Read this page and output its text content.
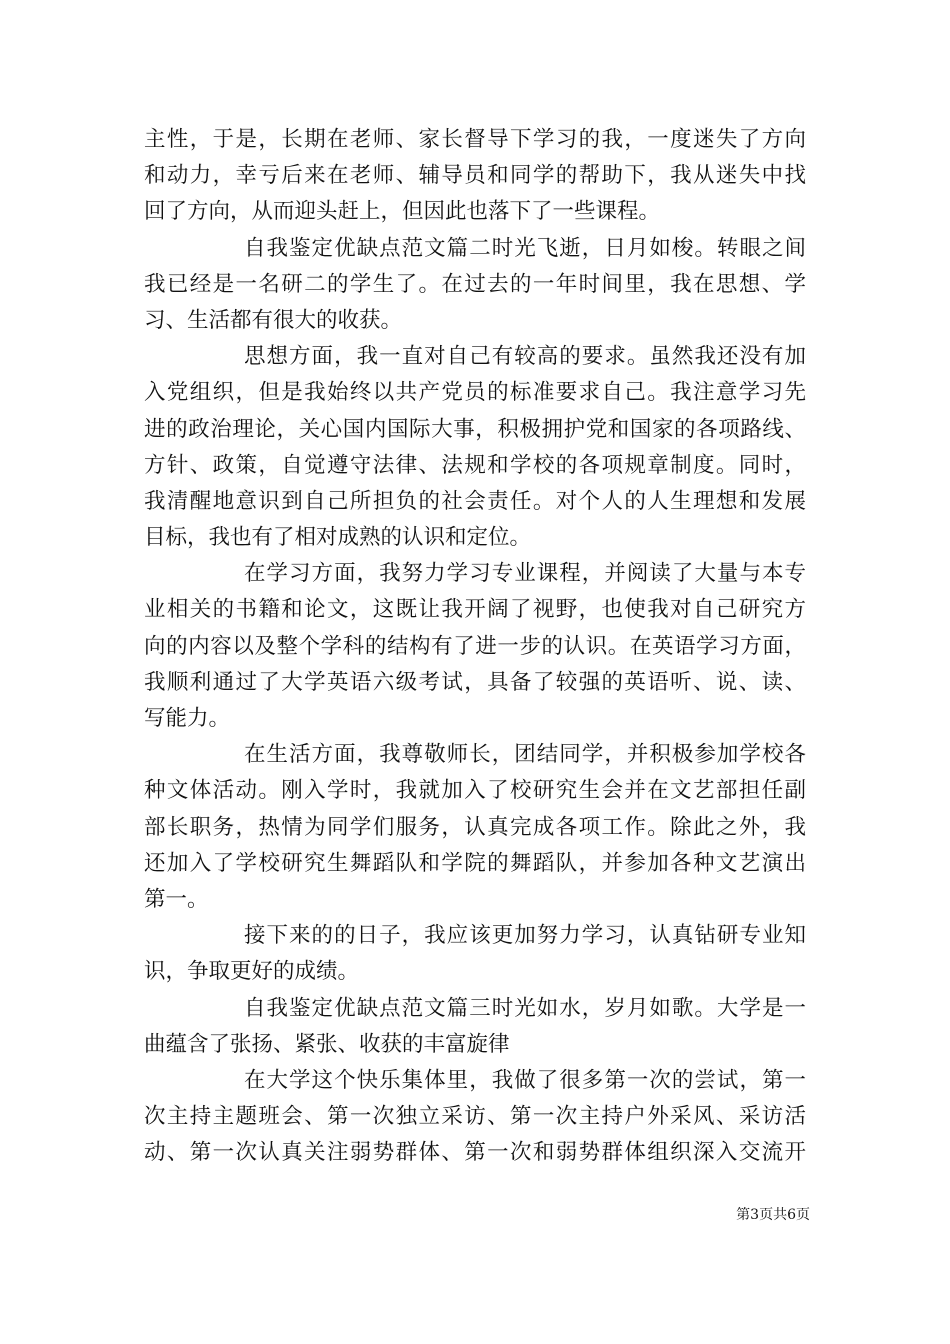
主性，于是，长期在老师、家长督导下学习的我，一度迷失了方向
和动力，幸亏后来在老师、辅导员和同学的帮助下，我从迷失中找
回了方向，从而迎头赶上，但因此也落下了一些课程。
自我鉴定优缺点范文篇二时光飞逝，日月如梭。转眼之间
我已经是一名研二的学生了。在过去的一年时间里，我在思想、学
习、生活都有很大的收获。
思想方面，我一直对自己有较高的要求。虽然我还没有加
入党组织，但是我始终以共产党员的标准要求自己。我注意学习先
进的政治理论，关心国内国际大事，积极拥护党和国家的各项路线、
方针、政策，自觉遵守法律、法规和学校的各项规章制度。同时，
我清醒地意识到自己所担负的社会责任。对个人的人生理想和发展
目标，我也有了相对成熟的认识和定位。
在学习方面，我努力学习专业课程，并阅读了大量与本专
业相关的书籍和论文，这既让我开阔了视野，也使我对自己研究方
向的内容以及整个学科的结构有了进一步的认识。在英语学习方面，
我顺利通过了大学英语六级考试，具备了较强的英语听、说、读、
写能力。
在生活方面，我尊敬师长，团结同学，并积极参加学校各
种文体活动。刚入学时，我就加入了校研究生会并在文艺部担任副
部长职务，热情为同学们服务，认真完成各项工作。除此之外，我
还加入了学校研究生舞蹈队和学院的舞蹈队，并参加各种文艺演出
第一。
接下来的的日子，我应该更加努力学习，认真钻研专业知
识，争取更好的成绩。
自我鉴定优缺点范文篇三时光如水，岁月如歌。大学是一
曲蕴含了张扬、紧张、收获的丰富旋律
在大学这个快乐集体里，我做了很多第一次的尝试，第一
次主持主题班会、第一次独立采访、第一次主持户外采风、采访活
动、第一次认真关注弱势群体、第一次和弱势群体组织深入交流开
第3页共6页
